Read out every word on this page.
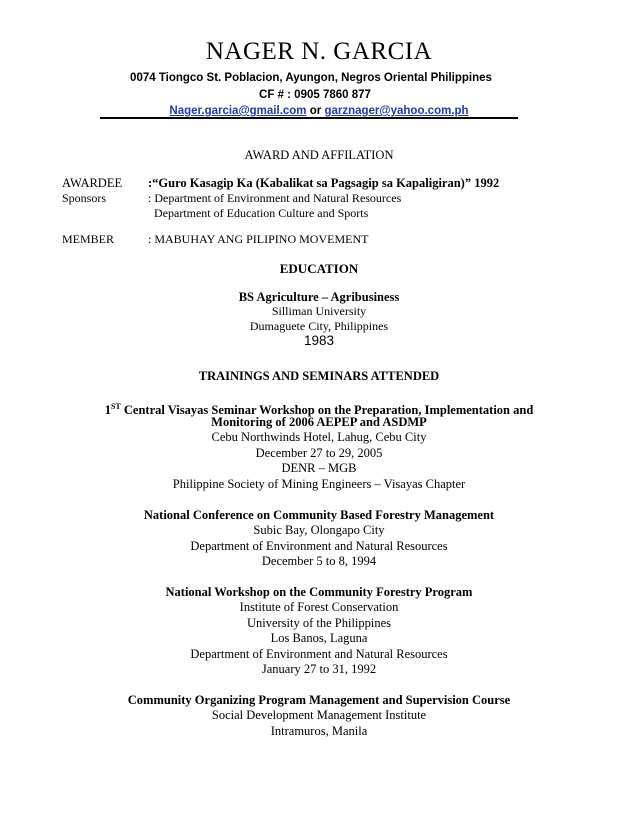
NAGER N. GARCIA
0074 Tiongco St. Poblacion, Ayungon, Negros Oriental Philippines
CF # : 0905 7860 877
Nager.garcia@gmail.com or garznager@yahoo.com.ph
AWARD AND AFFILATION
AWARDEE :“Guro Kasagip Ka (Kabalikat sa Pagsagip sa Kapaligiran)” 1992
Sponsors	: Department of Environment and Natural Resources
Department of Education Culture and Sports
MEMBER	: MABUHAY ANG PILIPINO MOVEMENT
EDUCATION
BS Agriculture – Agribusiness
Silliman University
Dumaguete City, Philippines
1983
TRAININGS AND SEMINARS ATTENDED
1ST Central Visayas Seminar Workshop on the Preparation, Implementation and
Monitoring of 2006 AEPEP and ASDMP
Cebu Northwinds Hotel, Lahug, Cebu City
December 27 to 29, 2005
DENR – MGB
Philippine Society of Mining Engineers – Visayas Chapter
National Conference on Community Based Forestry Management
Subic Bay, Olongapo City
Department of Environment and Natural Resources
December 5 to 8, 1994
National Workshop on the Community Forestry Program
Institute of Forest Conservation
University of the Philippines
Los Banos, Laguna
Department of Environment and Natural Resources
January 27 to 31, 1992
Community Organizing Program Management and Supervision Course
Social Development Management Institute
Intramuros, Manila
